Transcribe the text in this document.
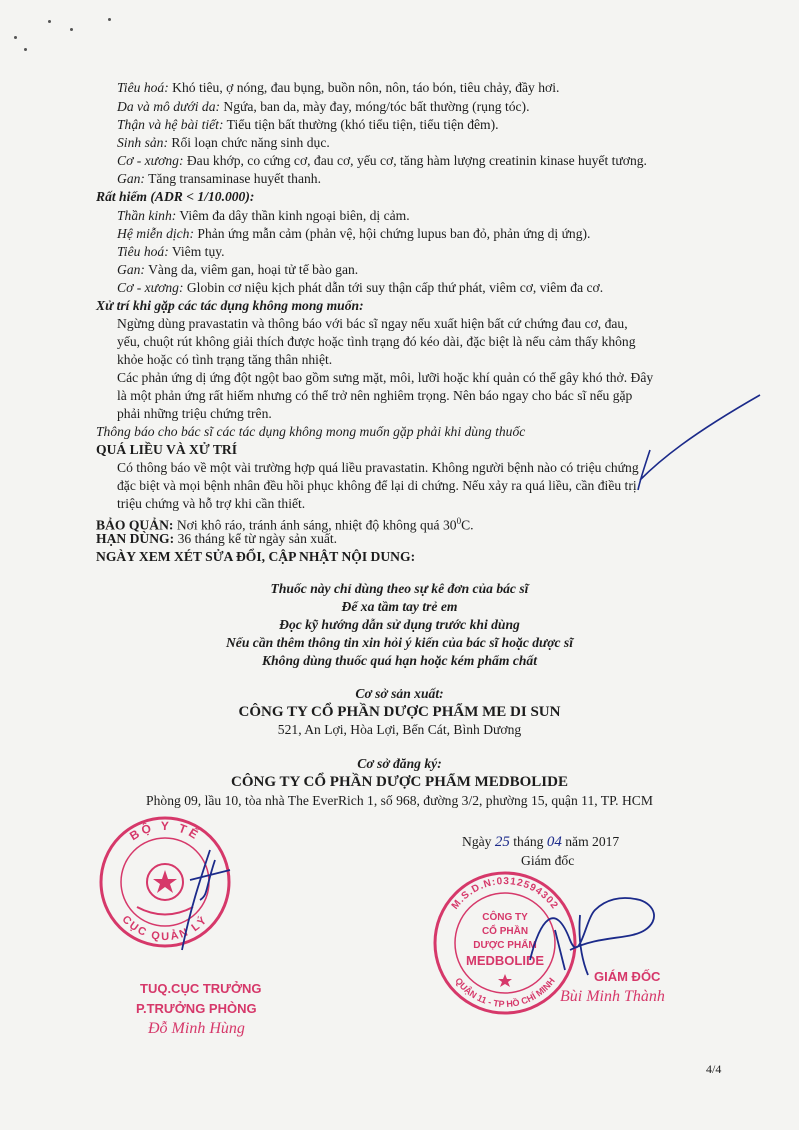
Tiêu hoá: Khó tiêu, ợ nóng, đau bụng, buồn nôn, nôn, táo bón, tiêu chảy, đầy hơi.
Da và mô dưới da: Ngứa, ban da, mày đay, móng/tóc bất thường (rụng tóc).
Thận và hệ bài tiết: Tiểu tiện bất thường (khó tiểu tiện, tiểu tiện đêm).
Sinh sản: Rối loạn chức năng sinh dục.
Cơ - xương: Đau khớp, co cứng cơ, đau cơ, yếu cơ, tăng hàm lượng creatinin kinase huyết tương.
Gan: Tăng transaminase huyết thanh.
Rất hiếm (ADR < 1/10.000):
Thần kinh: Viêm đa dây thần kinh ngoại biên, dị cảm.
Hệ miễn dịch: Phản ứng mẫn cảm (phản vệ, hội chứng lupus ban đỏ, phản ứng dị ứng).
Tiêu hoá: Viêm tụy.
Gan: Vàng da, viêm gan, hoại tử tế bào gan.
Cơ - xương: Globin cơ niệu kịch phát dẫn tới suy thận cấp thứ phát, viêm cơ, viêm đa cơ.
Xử trí khi gặp các tác dụng không mong muốn:
Ngừng dùng pravastatin và thông báo với bác sĩ ngay nếu xuất hiện bất cứ chứng đau cơ, đau,
yếu, chuột rút không giải thích được hoặc tình trạng đó kéo dài, đặc biệt là nếu cảm thấy không
khỏe hoặc có tình trạng tăng thân nhiệt.
Các phản ứng dị ứng đột ngột bao gồm sưng mặt, môi, lưỡi hoặc khí quản có thể gây khó thở. Đây
là một phản ứng rất hiếm nhưng có thể trở nên nghiêm trọng. Nên báo ngay cho bác sĩ nếu gặp
phải những triệu chứng trên.
Thông báo cho bác sĩ các tác dụng không mong muốn gặp phải khi dùng thuốc
QUÁ LIỀU VÀ XỬ TRÍ
Có thông báo về một vài trường hợp quá liều pravastatin. Không người bệnh nào có triệu chứng
đặc biệt và mọi bệnh nhân đều hồi phục không để lại di chứng. Nếu xảy ra quá liều, cần điều trị
triệu chứng và hỗ trợ khi cần thiết.
BẢO QUẢN: Nơi khô ráo, tránh ánh sáng, nhiệt độ không quá $30^0C$.
HẠN DÙNG: 36 tháng kể từ ngày sản xuất.
NGÀY XEM XÉT SỬA ĐỔI, CẬP NHẬT NỘI DUNG:
Thuốc này chỉ dùng theo sự kê đơn của bác sĩ
Để xa tầm tay trẻ em
Đọc kỹ hướng dẫn sử dụng trước khi dùng
Nếu cần thêm thông tin xin hỏi ý kiến của bác sĩ hoặc dược sĩ
Không dùng thuốc quá hạn hoặc kém phẩm chất
Cơ sở sản xuất:
CÔNG TY CỔ PHẦN DƯỢC PHẨM ME DI SUN
521, An Lợi, Hòa Lợi, Bến Cát, Bình Dương
Cơ sở đăng ký:
CÔNG TY CỔ PHẦN DƯỢC PHẨM MEDBOLIDE
Phòng 09, lầu 10, tòa nhà The EverRich 1, số 968, đường 3/2, phường 15, quận 11, TP. HCM
Ngày 25 tháng 04 năm 2017
Giám đốc
BỘ Y TẾ
CỤC QUẢN LÝ
TUQ.CỤC TRƯỞNG
P.TRƯỞNG PHÒNG
Đỗ Minh Hùng
M.S.D.N:0312594302
QUẬN 11 - TP HỒ CHÍ MINH
CÔNG TY
CỔ PHẦN
DƯỢC PHẨM
MEDBOLIDE
GIÁM ĐỐC
Bùi Minh Thành
4/4
